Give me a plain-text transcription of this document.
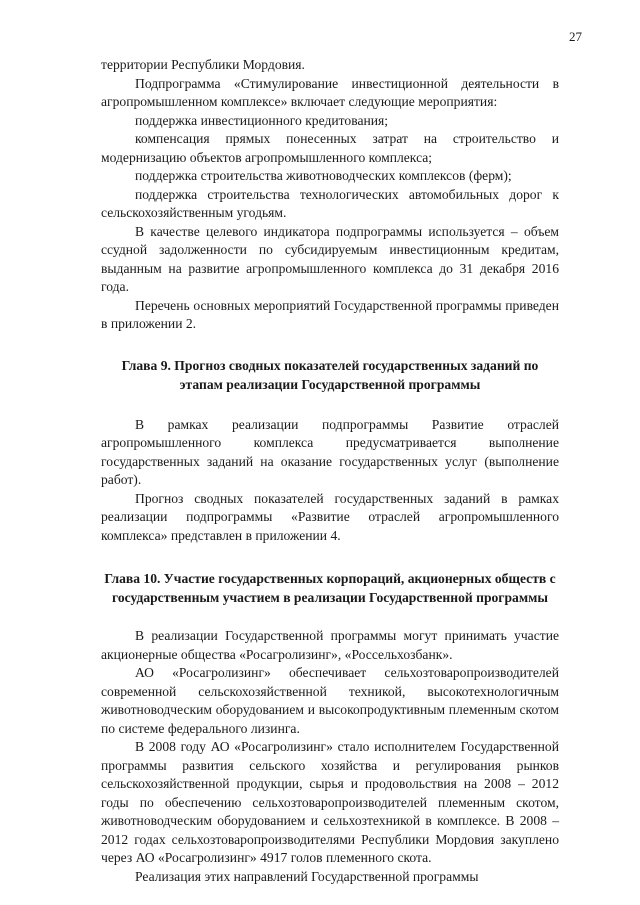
27

территории Республики Мордовия.

Подпрограмма «Стимулирование инвестиционной деятельности в агропромышленном комплексе» включает следующие мероприятия:

поддержка инвестиционного кредитования;

компенсация прямых понесенных затрат на строительство и модернизацию объектов агропромышленного комплекса;

поддержка строительства животноводческих комплексов (ферм);

поддержка строительства технологических автомобильных дорог к сельскохозяйственным угодьям.

В качестве целевого индикатора подпрограммы используется – объем ссудной задолженности по субсидируемым инвестиционным кредитам, выданным на развитие агропромышленного комплекса до 31 декабря 2016 года.

Перечень основных мероприятий Государственной программы приведен в приложении 2.

Глава 9. Прогноз сводных показателей государственных заданий по этапам реализации Государственной программы

В рамках реализации подпрограммы Развитие отраслей агропромышленного комплекса предусматривается выполнение государственных заданий на оказание государственных услуг (выполнение работ).

Прогноз сводных показателей государственных заданий в рамках реализации подпрограммы «Развитие отраслей агропромышленного комплекса» представлен в приложении 4.

Глава 10. Участие государственных корпораций, акционерных обществ с государственным участием в реализации Государственной программы

В реализации Государственной программы могут принимать участие акционерные общества «Росагролизинг», «Россельхозбанк».

АО «Росагролизинг» обеспечивает сельхозтоваропроизводителей современной сельскохозяйственной техникой, высокотехнологичным животноводческим оборудованием и высокопродуктивным племенным скотом по системе федерального лизинга.

В 2008 году АО «Росагролизинг» стало исполнителем Государственной программы развития сельского хозяйства и регулирования рынков сельскохозяйственной продукции, сырья и продовольствия на 2008 – 2012 годы по обеспечению сельхозтоваропроизводителей племенным скотом, животноводческим оборудованием и сельхозтехникой в комплексе. В 2008 – 2012 годах сельхозтоваропроизводителями Республики Мордовия закуплено через АО «Росагролизинг» 4917 голов племенного скота.

Реализация этих направлений Государственной программы
